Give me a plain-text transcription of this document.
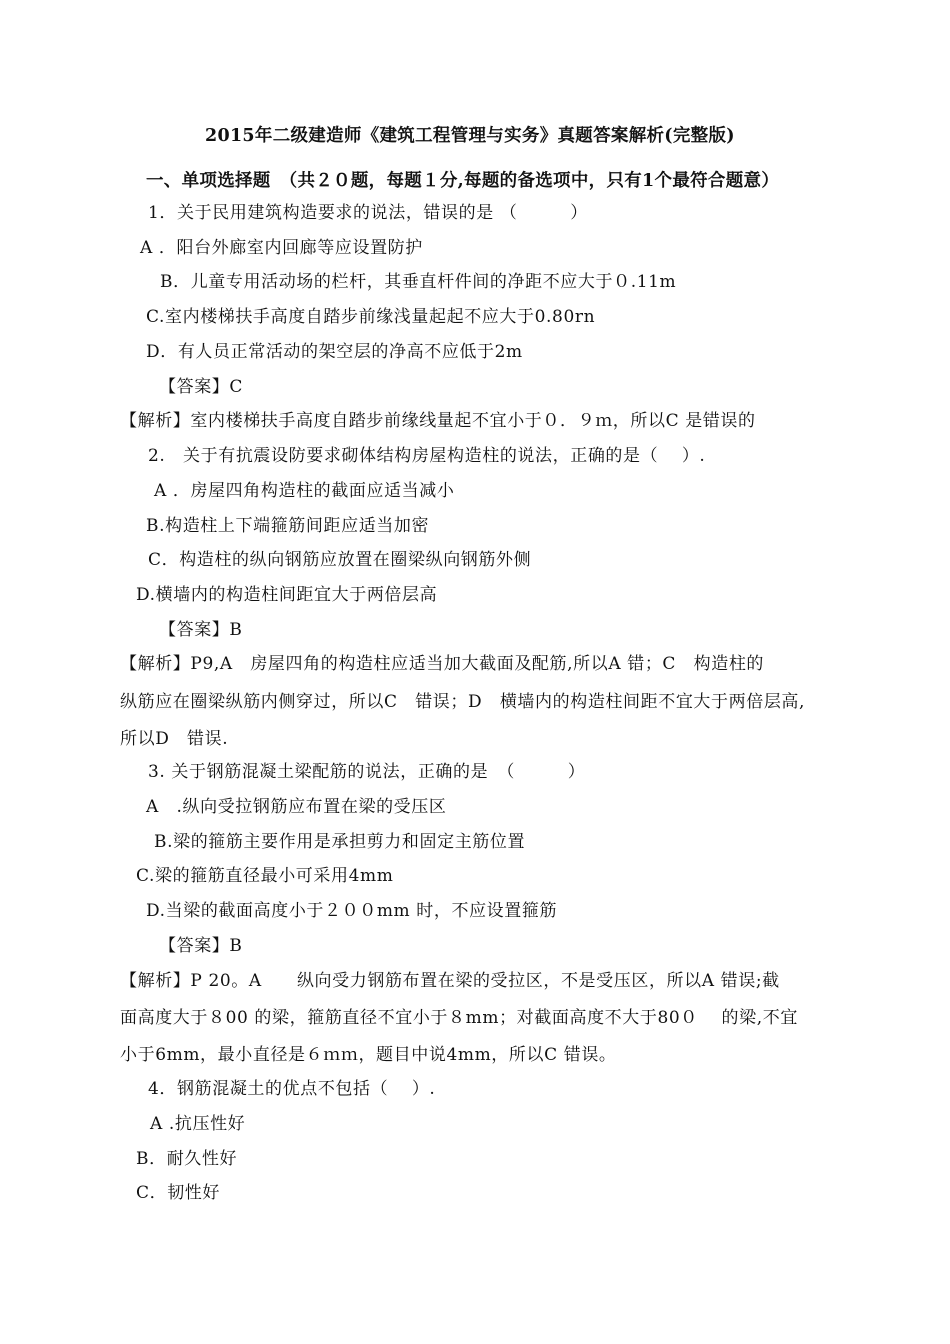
2015年二级建造师《建筑工程管理与实务》真题答案解析(完整版)
一、单项选择题　（共２０题，每题１分,每题的备选项中，只有1个最符合题意）
1．关于民用建筑构造要求的说法，错误的是 （　　　）
A ．阳台外廊室内回廊等应设置防护
B．儿童专用活动场的栏杆，其垂直杆件间的净距不应大于０.11m
C.室内楼梯扶手高度自踏步前缘浅量起起不应大于0.80rn
D．有人员正常活动的架空层的净高不应低于2m
【答案】C
【解析】室内楼梯扶手高度自踏步前缘线量起不宜小于０．９ｍ，所以C 是错误的
2.　关于有抗震设防要求砌体结构房屋构造柱的说法，正确的是（　 ）.
A ．房屋四角构造柱的截面应适当减小
B.构造柱上下端箍筋间距应适当加密
C．构造柱的纵向钢筋应放置在圈梁纵向钢筋外侧
D.横墙内的构造柱间距宜大于两倍层高
【答案】B
【解析】P9,A　房屋四角的构造柱应适当加大截面及配筋,所以A 错；C　构造柱的
纵筋应在圈梁纵筋内侧穿过，所以C　错误；D　横墙内的构造柱间距不宜大于两倍层高,
所以D　错误.
3. 关于钢筋混凝土梁配筋的说法，正确的是　（　　　）
A　.纵向受拉钢筋应布置在梁的受压区
B.梁的箍筋主要作用是承担剪力和固定主筋位置
C.梁的箍筋直径最小可采用4mm
D.当梁的截面高度小于２００mm 时，不应设置箍筋
【答案】B
【解析】P 20。A　　纵向受力钢筋布置在梁的受拉区，不是受压区，所以A 错误;截
面高度大于８00 的梁，箍筋直径不宜小于８mm；对截面高度不大于80０　 的梁,不宜
小于6mm，最小直径是６ｍｍ，题目中说4mm，所以C 错误。
4．钢筋混凝土的优点不包括（　 ）.
A .抗压性好
B．耐久性好
C．韧性好
